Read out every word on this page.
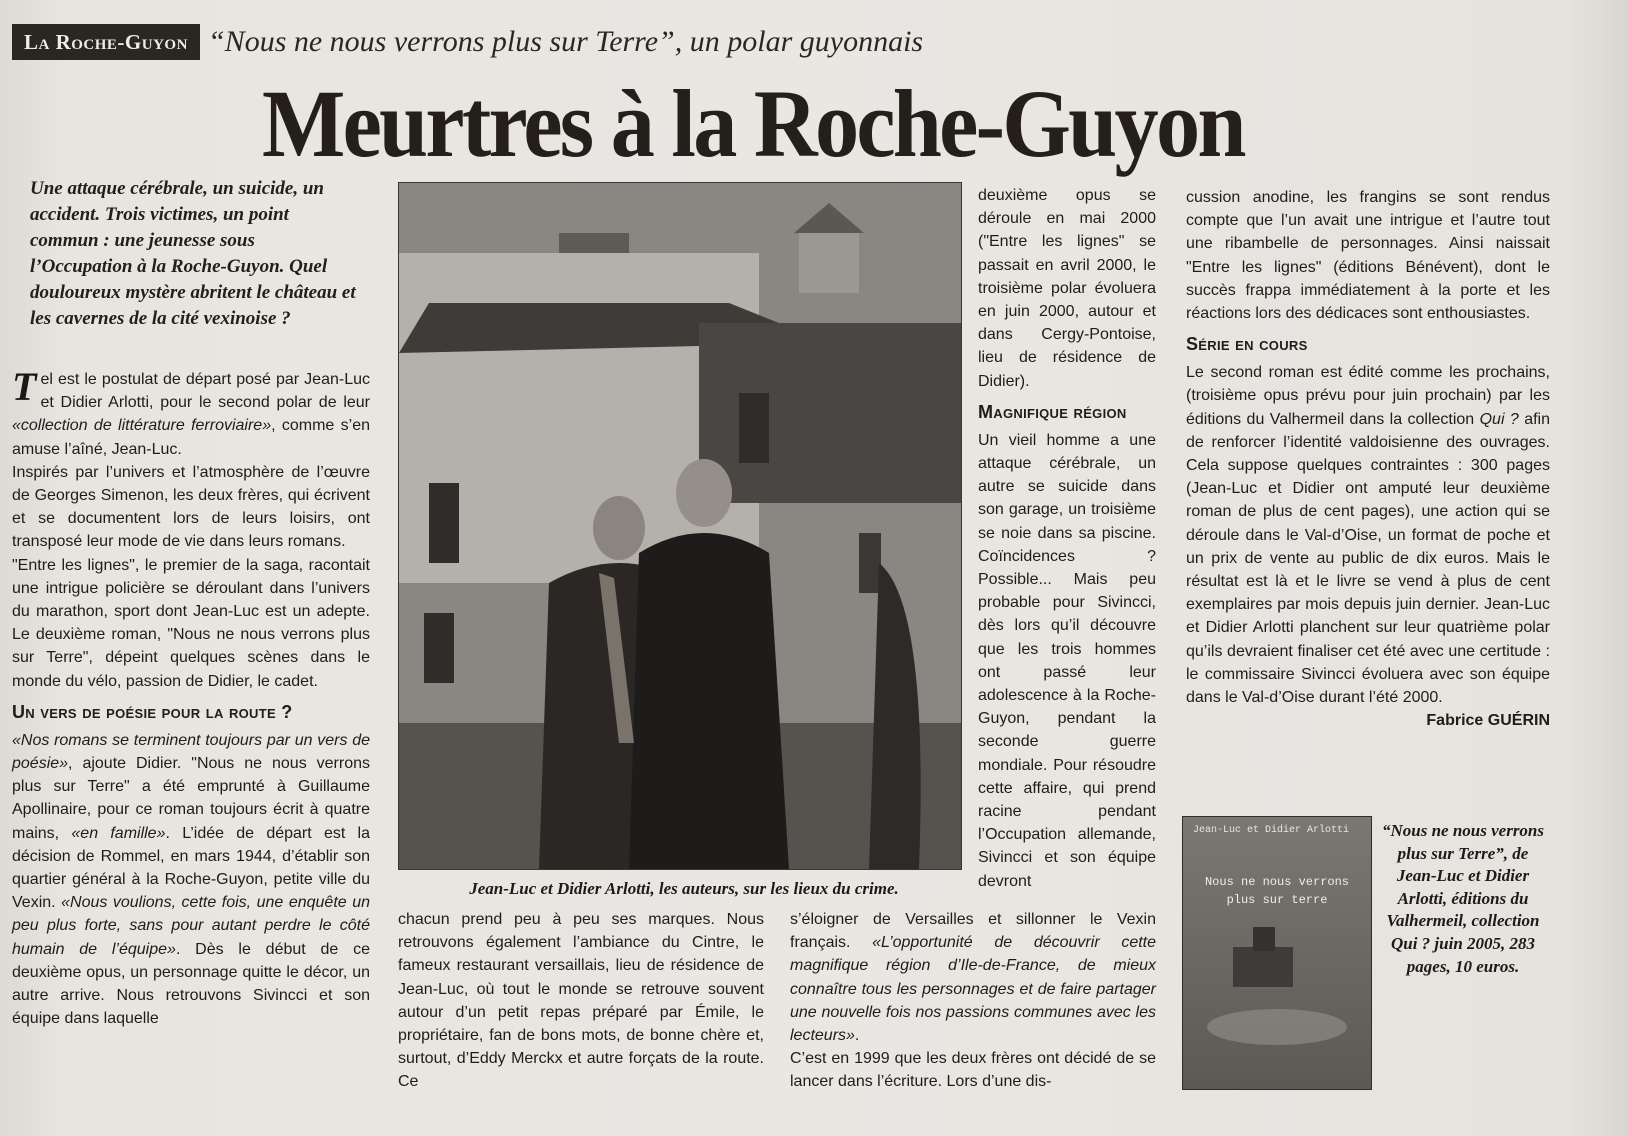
La Roche-Guyon “Nous ne nous verrons plus sur Terre”, un polar guyonnais
Meurtres à la Roche-Guyon
Une attaque cérébrale, un suicide, un accident. Trois victimes, un point commun : une jeunesse sous l’Occupation à la Roche-Guyon. Quel douloureux mystère abritent le château et les cavernes de la cité vexinoise ?

Tel est le postulat de départ posé par Jean-Luc et Didier Arlotti, pour le second polar de leur «collection de littérature ferroviaire», comme s’en amuse l’aîné, Jean-Luc.

Inspirés par l’univers et l’atmosphère de l’œuvre de Georges Simenon, les deux frères, qui écrivent et se documentent lors de leurs loisirs, ont transposé leur mode de vie dans leurs romans.

"Entre les lignes", le premier de la saga, racontait une intrigue policière se déroulant dans l’univers du marathon, sport dont Jean-Luc est un adepte. Le deuxième roman, "Nous ne nous verrons plus sur Terre", dépeint quelques scènes dans le monde du vélo, passion de Didier, le cadet.

Un vers de poésie pour la route ?

«Nos romans se terminent toujours par un vers de poésie», ajoute Didier. "Nous ne nous verrons plus sur Terre" a été emprunté à Guillaume Apollinaire, pour ce roman toujours écrit à quatre mains, «en famille». L’idée de départ est la décision de Rommel, en mars 1944, d’établir son quartier général à la Roche-Guyon, petite ville du Vexin. «Nous voulions, cette fois, une enquête un peu plus forte, sans pour autant perdre le côté humain de l’équipe». Dès le début de ce deuxième opus, un personnage quitte le décor, un autre arrive. Nous retrouvons Sivincci et son équipe dans laquelle

Jean-Luc et Didier Arlotti, les auteurs, sur les lieux du crime.

chacun prend peu à peu ses marques. Nous retrouvons également l’ambiance du Cintre, le fameux restaurant versaillais, lieu de résidence de Jean-Luc, où tout le monde se retrouve souvent autour d’un petit repas préparé par Émile, le propriétaire, fan de bons mots, de bonne chère et, surtout, d’Eddy Merckx et autre forçats de la route. Ce

deuxième opus se déroule en mai 2000 ("Entre les lignes" se passait en avril 2000, le troisième polar évoluera en juin 2000, autour et dans Cergy-Pontoise, lieu de résidence de Didier).

Magnifique région

Un vieil homme a une attaque cérébrale, un autre se suicide dans son garage, un troisième se noie dans sa piscine. Coïncidences ? Possible... Mais peu probable pour Sivincci, dès lors qu’il découvre que les trois hommes ont passé leur adolescence à la Roche-Guyon, pendant la seconde guerre mondiale. Pour résoudre cette affaire, qui prend racine pendant l’Occupation allemande, Sivincci et son équipe devront

s’éloigner de Versailles et sillonner le Vexin français. «L’opportunité de découvrir cette magnifique région d’Ile-de-France, de mieux connaître tous les personnages et de faire partager une nouvelle fois nos passions communes avec les lecteurs».

C’est en 1999 que les deux frères ont décidé de se lancer dans l’écriture. Lors d’une dis-

cussion anodine, les frangins se sont rendus compte que l’un avait une intrigue et l’autre tout une ribambelle de personnages. Ainsi naissait "Entre les lignes" (éditions Bénévent), dont le succès frappa immédiatement à la porte et les réactions lors des dédicaces sont enthousiastes.

Série en cours

Le second roman est édité comme les prochains, (troisième opus prévu pour juin prochain) par les éditions du Valhermeil dans la collection Qui ? afin de renforcer l’identité valdoisienne des ouvrages. Cela suppose quelques contraintes : 300 pages (Jean-Luc et Didier ont amputé leur deuxième roman de plus de cent pages), une action qui se déroule dans le Val-d’Oise, un format de poche et un prix de vente au public de dix euros. Mais le résultat est là et le livre se vend à plus de cent exemplaires par mois depuis juin dernier. Jean-Luc et Didier Arlotti planchent sur leur quatrième polar qu’ils devraient finaliser cet été avec une certitude : le commissaire Sivincci évoluera avec son équipe dans le Val-d’Oise durant l’été 2000.

Fabrice GUÉRIN
Jean-Luc et Didier Arlotti
Nous ne nous verrons plus sur terre
“Nous ne nous verrons plus sur Terre”, de Jean-Luc et Didier Arlotti, éditions du Valhermeil, collection Qui ? juin 2005, 283 pages, 10 euros.
